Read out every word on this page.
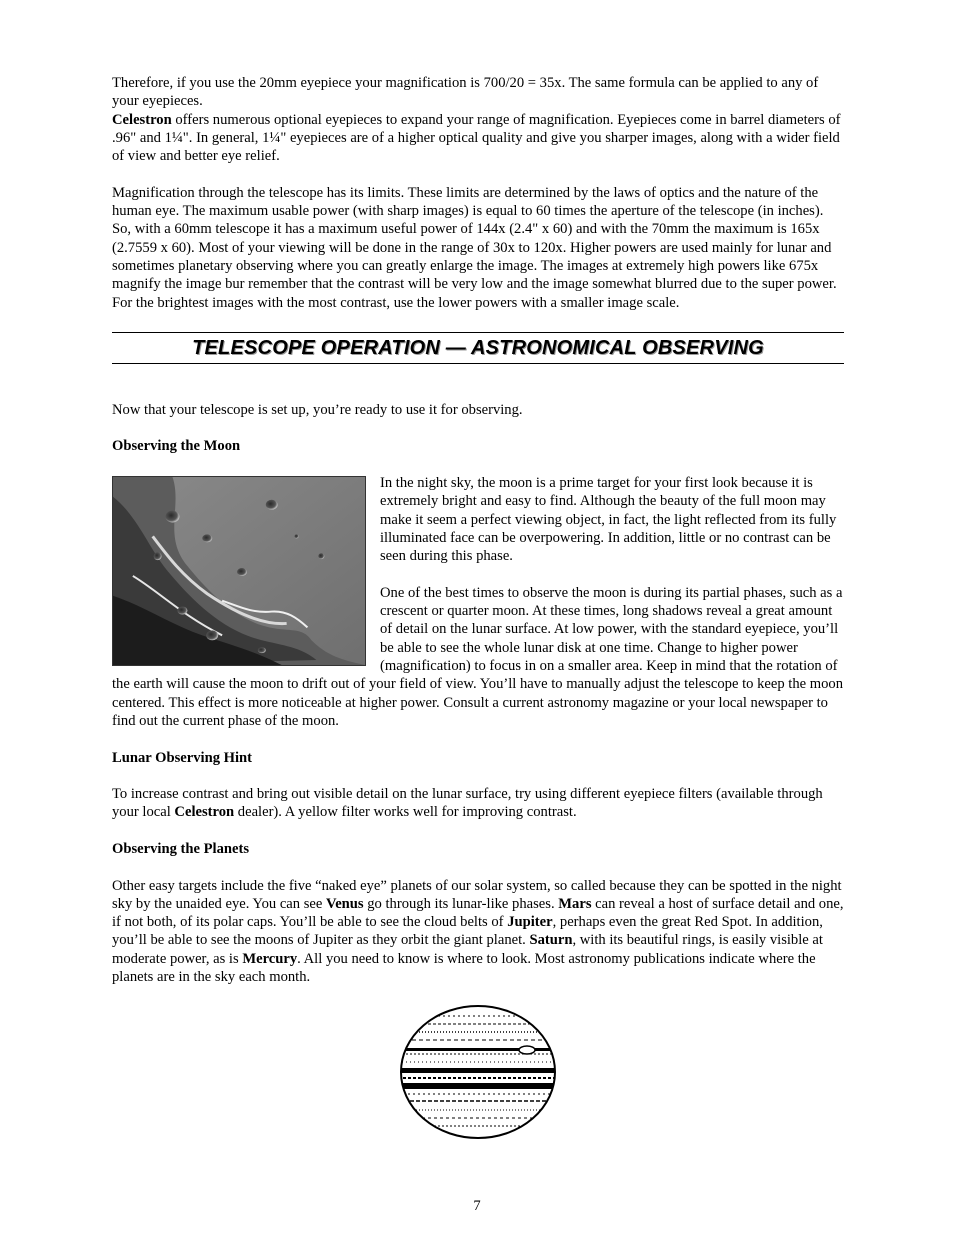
Therefore, if you use the 20mm eyepiece your magnification is 700/20 = 35x. The same formula can be applied to any of your eyepieces.

Celestron offers numerous optional eyepieces to expand your range of magnification. Eyepieces come in barrel diameters of .96" and 1¼". In general, 1¼" eyepieces are of a higher optical quality and give you sharper images, along with a wider field of view and better eye relief.

Magnification through the telescope has its limits. These limits are determined by the laws of optics and the nature of the human eye. The maximum usable power (with sharp images) is equal to 60 times the aperture of the telescope (in inches). So, with a 60mm telescope it has a maximum useful power of 144x (2.4" x 60) and with the 70mm the maximum is 165x (2.7559 x 60). Most of your viewing will be done in the range of 30x to 120x. Higher powers are used mainly for lunar and sometimes planetary observing where you can greatly enlarge the image. The images at extremely high powers like 675x magnify the image bur remember that the contrast will be very low and the image somewhat blurred due to the super power. For the brightest images with the most contrast, use the lower powers with a smaller image scale.

TELESCOPE OPERATION — ASTRONOMICAL OBSERVING

Now that your telescope is set up, you’re ready to use it for observing.

Observing the Moon

In the night sky, the moon is a prime target for your first look because it is extremely bright and easy to find. Although the beauty of the full moon may make it seem a perfect viewing object, in fact, the light reflected from its fully illuminated face can be overpowering. In addition, little or no contrast can be seen during this phase.

One of the best times to observe the moon is during its partial phases, such as a crescent or quarter moon. At these times, long shadows reveal a great amount of detail on the lunar surface. At low power, with the standard eyepiece, you’ll be able to see the whole lunar disk at one time. Change to higher power (magnification) to focus in on a smaller area. Keep in mind that the rotation of the earth will cause the moon to drift out of your field of view. You’ll have to manually adjust the telescope to keep the moon centered. This effect is more noticeable at higher power. Consult a current astronomy magazine or your local newspaper to find out the current phase of the moon.

Lunar Observing Hint

To increase contrast and bring out visible detail on the lunar surface, try using different eyepiece filters (available through your local Celestron dealer). A yellow filter works well for improving contrast.

Observing the Planets

Other easy targets include the five “naked eye” planets of our solar system, so called because they can be spotted in the night sky by the unaided eye. You can see Venus go through its lunar-like phases. Mars can reveal a host of surface detail and one, if not both, of its polar caps. You’ll be able to see the cloud belts of Jupiter, perhaps even the great Red Spot. In addition, you’ll be able to see the moons of Jupiter as they orbit the giant planet. Saturn, with its beautiful rings, is easily visible at moderate power, as is Mercury. All you need to know is where to look. Most astronomy publications indicate where the planets are in the sky each month.

7
